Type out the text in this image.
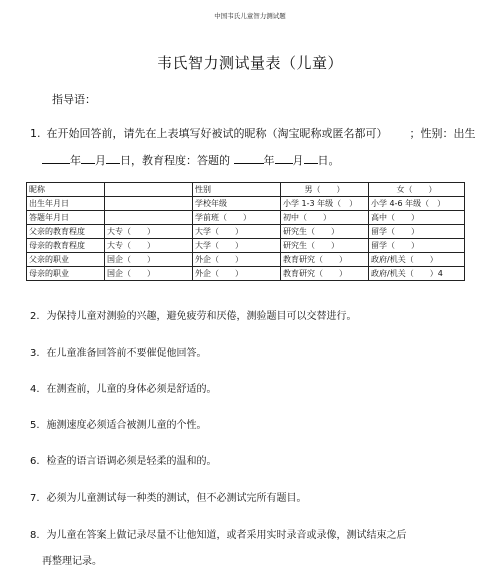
中国韦氏儿童智力测试题
韦氏智力测试量表（儿童）
指导语：
1. 在开始回答前，请先在上表填写好被试的昵称（淘宝昵称或匿名都可） ；性别：出生
年 月 日，教育程度：答题的	年 月 日。
昵称		性别	男（　　）	女（　　）
出生年月日		学校年级	小学 1-3 年级（　）	小学 4-6 年级（　）
答题年月日		学前班（　　）	初中（　　）	高中（　　）
父亲的教育程度	大专（　　）	大学（　　）	研究生（　　）	留学（　　）
母亲的教育程度	大专（　　）	大学（　　）	研究生（　　）	留学（　　）
父亲的职业	国企（　　）	外企（　　）	教育研究（　　）	政府/机关（　　）
母亲的职业	国企（　　）	外企（　　）	教育研究（　　）	政府/机关（　　）4
2. 为保持儿童对测验的兴趣，避免疲劳和厌倦，测验题目可以交替进行。
3. 在儿童准备回答前不要催促他回答。
4. 在测查前，儿童的身体必须是舒适的。
5. 施测速度必须适合被测儿童的个性。
6. 检查的语言语调必须是轻柔的温和的。
7. 必须为儿童测试每一种类的测试，但不必测试完所有题目。
8. 为儿童在答案上做记录尽量不让他知道，或者采用实时录音或录像，测试结束之后
再整理记录。
